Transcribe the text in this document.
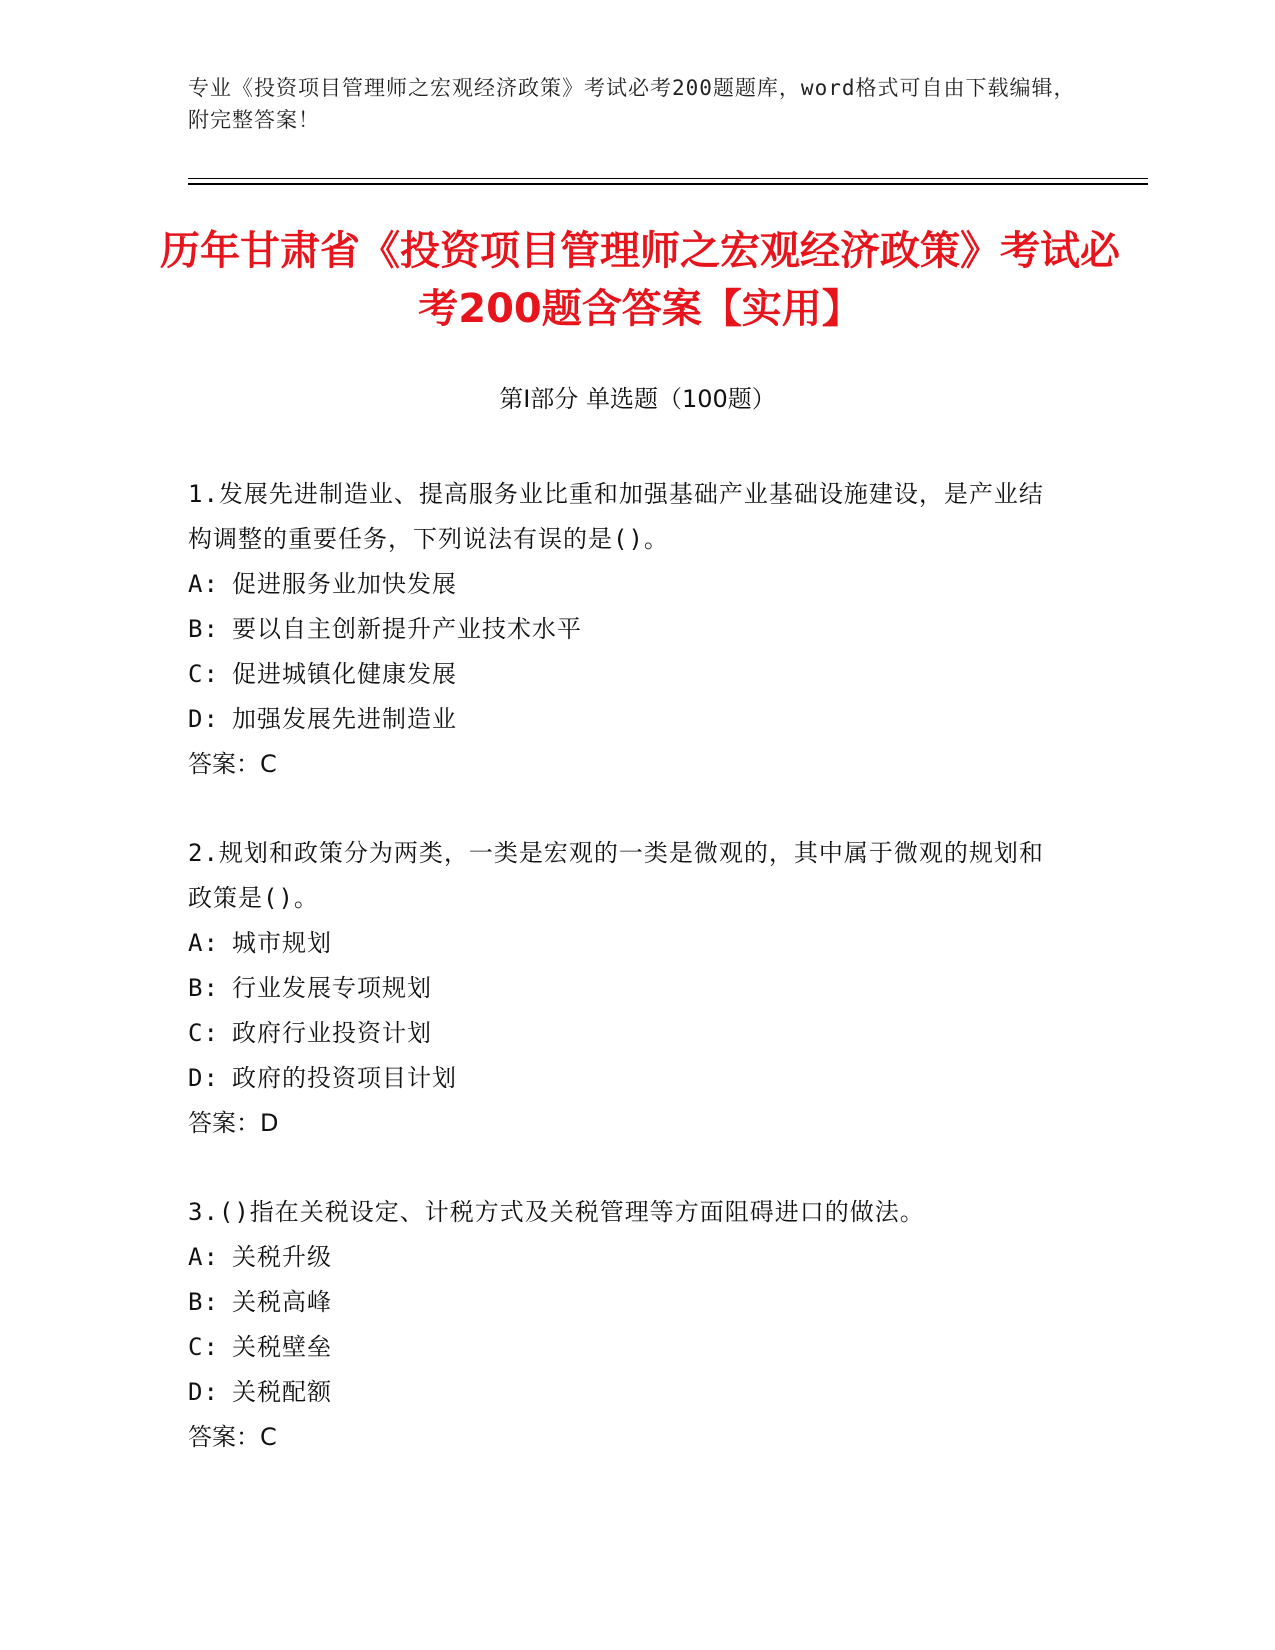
专业《投资项目管理师之宏观经济政策》考试必考200题题库，word格式可自由下载编辑，附完整答案！
历年甘肃省《投资项目管理师之宏观经济政策》考试必考200题含答案【实用】
第I部分 单选题（100题）
1.发展先进制造业、提高服务业比重和加强基础产业基础设施建设，是产业结构调整的重要任务，下列说法有误的是()。
A: 促进服务业加快发展
B: 要以自主创新提升产业技术水平
C: 促进城镇化健康发展
D: 加强发展先进制造业
答案：C
2.规划和政策分为两类，一类是宏观的一类是微观的，其中属于微观的规划和政策是()。
A: 城市规划
B: 行业发展专项规划
C: 政府行业投资计划
D: 政府的投资项目计划
答案：D
3.()指在关税设定、计税方式及关税管理等方面阻碍进口的做法。
A: 关税升级
B: 关税高峰
C: 关税壁垒
D: 关税配额
答案：C
